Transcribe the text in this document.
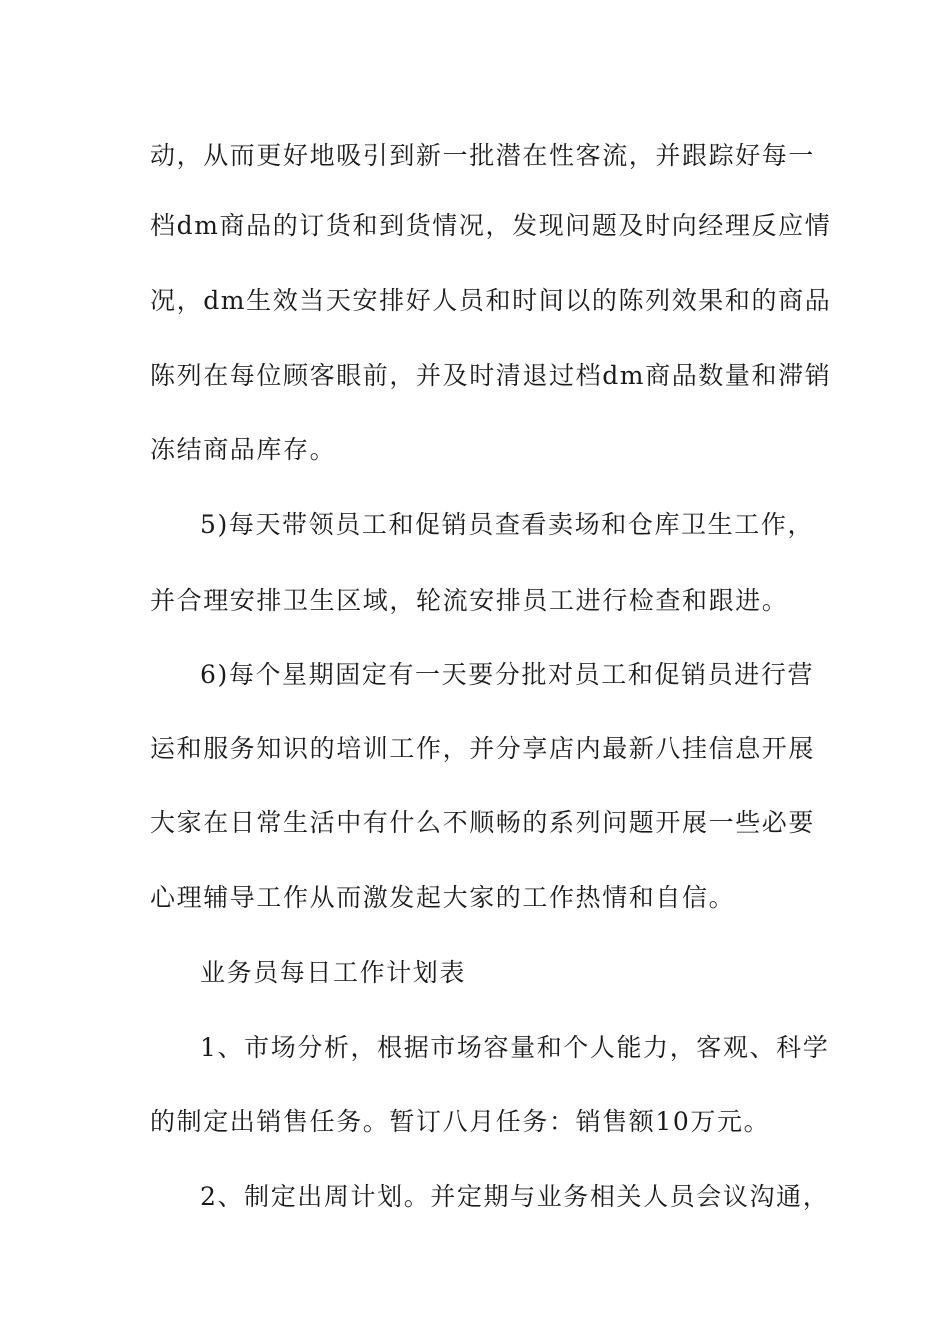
动，从而更好地吸引到新一批潜在性客流，并跟踪好每一
档dm商品的订货和到货情况，发现问题及时向经理反应情
况，dm生效当天安排好人员和时间以的陈列效果和的商品
陈列在每位顾客眼前，并及时清退过档dm商品数量和滞销
冻结商品库存。
5)每天带领员工和促销员查看卖场和仓库卫生工作，
并合理安排卫生区域，轮流安排员工进行检查和跟进。
6)每个星期固定有一天要分批对员工和促销员进行营
运和服务知识的培训工作，并分享店内最新八挂信息开展
大家在日常生活中有什么不顺畅的系列问题开展一些必要
心理辅导工作从而激发起大家的工作热情和自信。
业务员每日工作计划表
1、市场分析，根据市场容量和个人能力，客观、科学
的制定出销售任务。暂订八月任务：销售额10万元。
2、制定出周计划。并定期与业务相关人员会议沟通，
